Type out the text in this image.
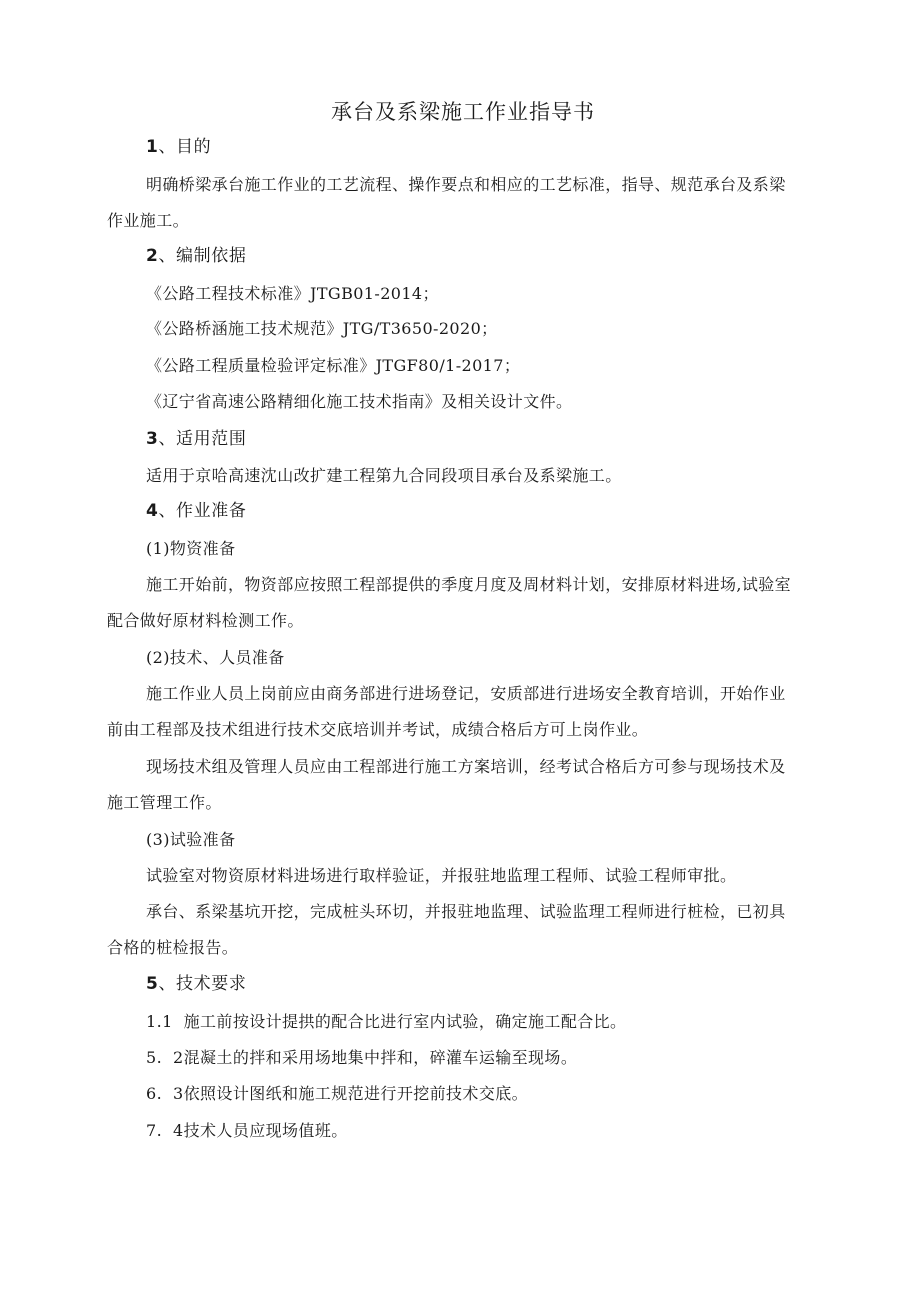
承台及系梁施工作业指导书
1、目的
明确桥梁承台施工作业的工艺流程、操作要点和相应的工艺标准，指导、规范承台及系梁
作业施工。
2、编制依据
《公路工程技术标准》JTGB01-2014；
《公路桥涵施工技术规范》JTG/T3650-2020；
《公路工程质量检验评定标准》JTGF80/1-2017；
《辽宁省高速公路精细化施工技术指南》及相关设计文件。
3、适用范围
适用于京哈高速沈山改扩建工程第九合同段项目承台及系梁施工。
4、作业准备
(1)物资准备
施工开始前，物资部应按照工程部提供的季度月度及周材料计划，安排原材料进场,试验室
配合做好原材料检测工作。
(2)技术、人员准备
施工作业人员上岗前应由商务部进行进场登记，安质部进行进场安全教育培训，开始作业
前由工程部及技术组进行技术交底培训并考试，成绩合格后方可上岗作业。
现场技术组及管理人员应由工程部进行施工方案培训，经考试合格后方可参与现场技术及
施工管理工作。
(3)试验准备
试验室对物资原材料进场进行取样验证，并报驻地监理工程师、试验工程师审批。
承台、系梁基坑开挖，完成桩头环切，并报驻地监理、试验监理工程师进行桩检，已初具
合格的桩检报告。
5、技术要求
1.1  施工前按设计提拱的配合比进行室内试验，确定施工配合比。
5.  2混凝土的拌和采用场地集中拌和，碎灌车运输至现场。
6.  3依照设计图纸和施工规范进行开挖前技术交底。
7.  4技术人员应现场值班。
